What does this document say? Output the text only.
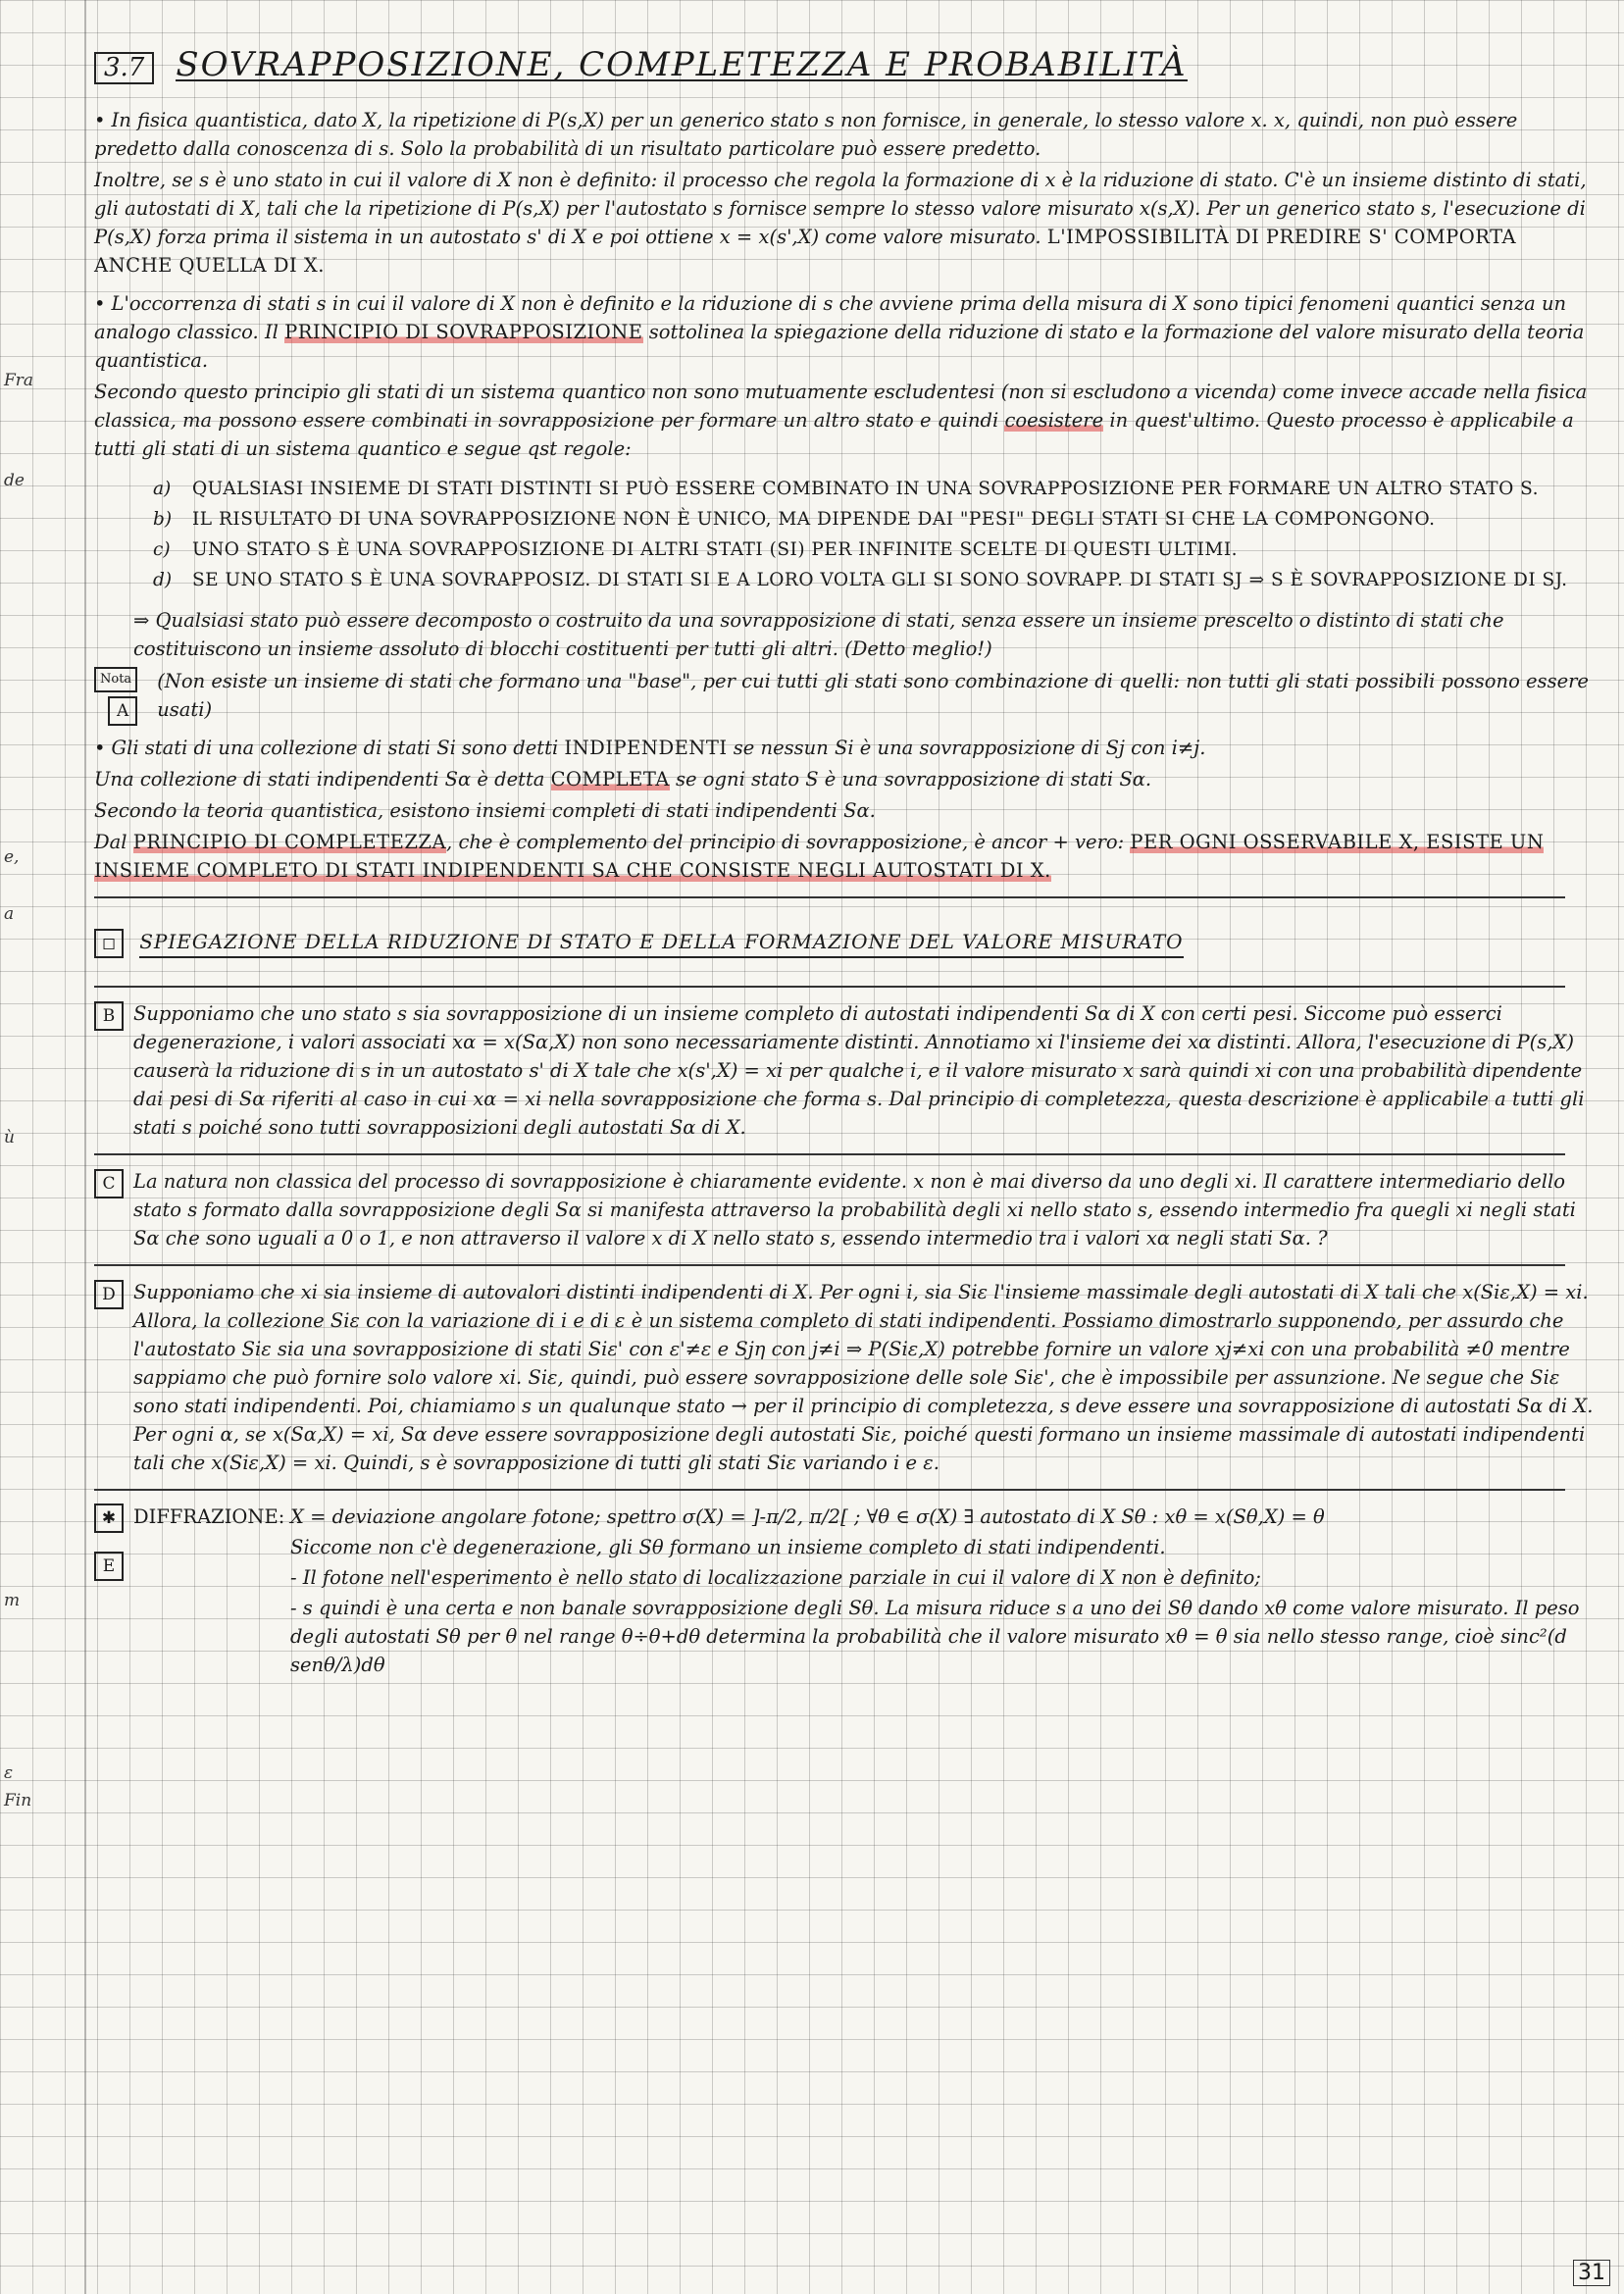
Fra
de
e,
a
ù
ε
m
Fin
3.7 SOVRAPPOSIZIONE, COMPLETEZZA E PROBABILITÀ

• In fisica quantistica, dato X, la ripetizione di P(s,X) per un generico stato s non fornisce, in generale, lo stesso valore x. x, quindi, non può essere predetto dalla conoscenza di s. Solo la probabilità di un risultato particolare può essere predetto.

Inoltre, se s è uno stato in cui il valore di X non è definito: il processo che regola la formazione di x è la riduzione di stato. C'è un insieme distinto di stati, gli autostati di X, tali che la ripetizione di P(s,X) per l'autostato s fornisce sempre lo stesso valore misurato x(s,X). Per un generico stato s, l'esecuzione di P(s,X) forza prima il sistema in un autostato s' di X e poi ottiene x = x(s',X) come valore misurato. L'IMPOSSIBILITÀ DI PREDIRE S' COMPORTA ANCHE QUELLA DI X.

• L'occorrenza di stati s in cui il valore di X non è definito e la riduzione di s che avviene prima della misura di X sono tipici fenomeni quantici senza un analogo classico. Il PRINCIPIO DI SOVRAPPOSIZIONE sottolinea la spiegazione della riduzione di stato e la formazione del valore misurato della teoria quantistica.

Secondo questo principio gli stati di un sistema quantico non sono mutuamente escludentesi (non si escludono a vicenda) come invece accade nella fisica classica, ma possono essere combinati in sovrapposizione per formare un altro stato e quindi coesistere in quest'ultimo. Questo processo è applicabile a tutti gli stati di un sistema quantico e segue qst regole:

a) QUALSIASI INSIEME DI STATI DISTINTI SI PUÒ ESSERE COMBINATO IN UNA SOVRAPPOSIZIONE PER FORMARE UN ALTRO STATO S.
b) IL RISULTATO DI UNA SOVRAPPOSIZIONE NON È UNICO, MA DIPENDE DAI "PESI" DEGLI STATI SI CHE LA COMPONGONO.
c) UNO STATO S È UNA SOVRAPPOSIZIONE DI ALTRI STATI (SI) PER INFINITE SCELTE DI QUESTI ULTIMI.
d) SE UNO STATO S È UNA SOVRAPPOSIZ. DI STATI SI E A LORO VOLTA GLI SI SONO SOVRAPP. DI STATI SJ ⇒ S È SOVRAPPOSIZIONE DI SJ.

⇒ Qualsiasi stato può essere decomposto o costruito da una sovrapposizione di stati, senza essere un insieme prescelto o distinto di stati che costituiscono un insieme assoluto di blocchi costituenti per tutti gli altri. (Detto meglio!)

Nota
A
(Non esiste un insieme di stati che formano una "base", per cui tutti gli stati sono combinazione di quelli: non tutti gli stati possibili possono essere usati)

• Gli stati di una collezione di stati Si sono detti INDIPENDENTI se nessun Si è una sovrapposizione di Sj con i≠j.

Una collezione di stati indipendenti Sα è detta COMPLETA se ogni stato S è una sovrapposizione di stati Sα.

Secondo la teoria quantistica, esistono insiemi completi di stati indipendenti Sα.

Dal PRINCIPIO DI COMPLETEZZA, che è complemento del principio di sovrapposizione, è ancor + vero: PER OGNI OSSERVABILE X, ESISTE UN INSIEME COMPLETO DI STATI INDIPENDENTI SΑ CHE CONSISTE NEGLI AUTOSTATI DI X.

◻ SPIEGAZIONE DELLA RIDUZIONE DI STATO E DELLA FORMAZIONE DEL VALORE MISURATO
B Supponiamo che uno stato s sia sovrapposizione di un insieme completo di autostati indipendenti Sα di X con certi pesi. Siccome può esserci degenerazione, i valori associati xα = x(Sα,X) non sono necessariamente distinti. Annotiamo xi l'insieme dei xα distinti. Allora, l'esecuzione di P(s,X) causerà la riduzione di s in un autostato s' di X tale che x(s',X) = xi per qualche i, e il valore misurato x sarà quindi xi con una probabilità dipendente dai pesi di Sα riferiti al caso in cui xα = xi nella sovrapposizione che forma s. Dal principio di completezza, questa descrizione è applicabile a tutti gli stati s poiché sono tutti sovrapposizioni degli autostati Sα di X.
C La natura non classica del processo di sovrapposizione è chiaramente evidente. x non è mai diverso da uno degli xi. Il carattere intermediario dello stato s formato dalla sovrapposizione degli Sα si manifesta attraverso la probabilità degli xi nello stato s, essendo intermedio fra quegli xi negli stati Sα che sono uguali a 0 o 1, e non attraverso il valore x di X nello stato s, essendo intermedio tra i valori xα negli stati Sα. ?
D Supponiamo che xi sia insieme di autovalori distinti indipendenti di X. Per ogni i, sia Siε l'insieme massimale degli autostati di X tali che x(Siε,X) = xi. Allora, la collezione Siε con la variazione di i e di ε è un sistema completo di stati indipendenti. Possiamo dimostrarlo supponendo, per assurdo che l'autostato Siε sia una sovrapposizione di stati Siε' con ε'≠ε e Sjη con j≠i ⇒ P(Siε,X) potrebbe fornire un valore xj≠xi con una probabilità ≠0 mentre sappiamo che può fornire solo valore xi. Siε, quindi, può essere sovrapposizione delle sole Siε', che è impossibile per assunzione. Ne segue che Siε sono stati indipendenti. Poi, chiamiamo s un qualunque stato → per il principio di completezza, s deve essere una sovrapposizione di autostati Sα di X. Per ogni α, se x(Sα,X) = xi, Sα deve essere sovrapposizione degli autostati Siε, poiché questi formano un insieme massimale di autostati indipendenti tali che x(Siε,X) = xi. Quindi, s è sovrapposizione di tutti gli stati Siε variando i e ε.
✱ DIFFRAZIONE:
E

X = deviazione angolare fotone; spettro σ(X) = ]-π/2, π/2[ ; ∀θ ∈ σ(X) ∃ autostato di X Sθ : xθ = x(Sθ,X) = θ

Siccome non c'è degenerazione, gli Sθ formano un insieme completo di stati indipendenti.

- Il fotone nell'esperimento è nello stato di localizzazione parziale in cui il valore di X non è definito;

- s quindi è una certa e non banale sovrapposizione degli Sθ. La misura riduce s a uno dei Sθ dando xθ come valore misurato. Il peso degli autostati Sθ per θ nel range θ÷θ+dθ determina la probabilità che il valore misurato xθ = θ sia nello stesso range, cioè sinc²(d senθ/λ)dθ

31
